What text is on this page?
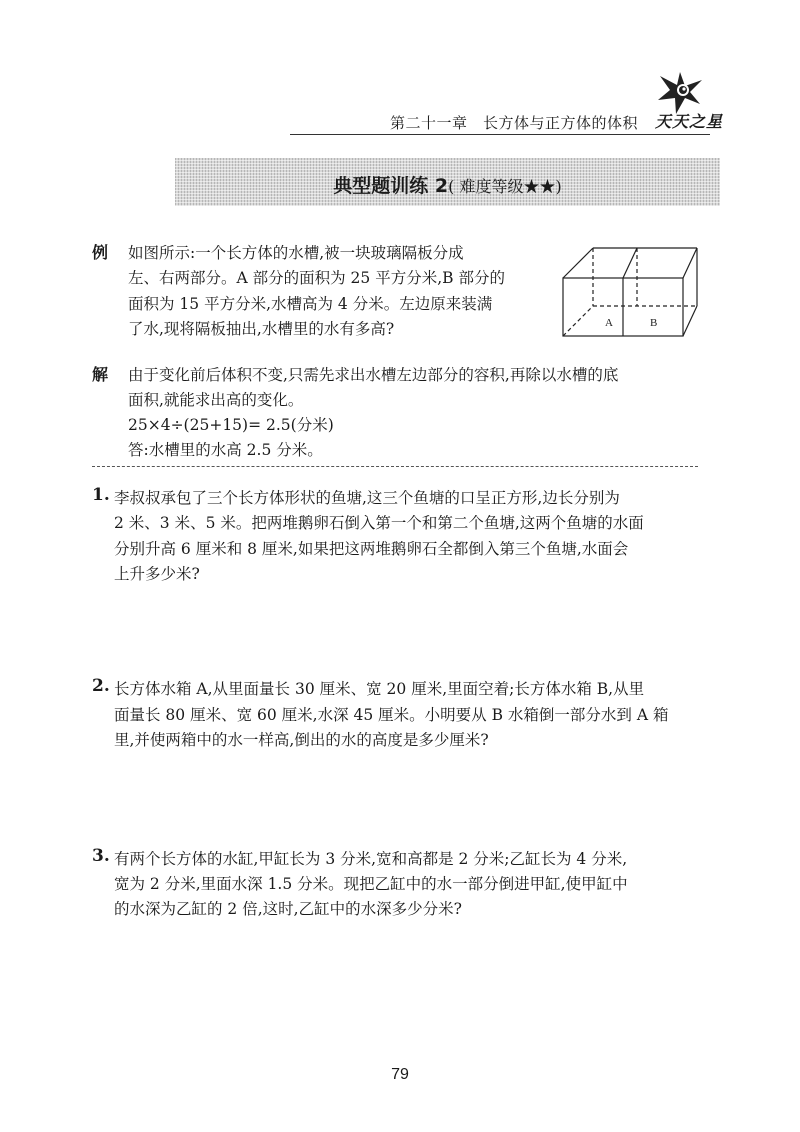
第二十一章　长方体与正方体的体积 天天之星
典型题训练 2( 难度等级★★)
例 如图所示:一个长方体的水槽,被一块玻璃隔板分成
左、右两部分。A 部分的面积为 25 平方分米,B 部分的
面积为 15 平方分米,水槽高为 4 分米。左边原来装满
了水,现将隔板抽出,水槽里的水有多高?	A	B
解 由于变化前后体积不变,只需先求出水槽左边部分的容积,再除以水槽的底
面积,就能求出高的变化。
25×4÷(25+15)= 2.5(分米)
答:水槽里的水高 2.5 分米。
1. 李叔叔承包了三个长方体形状的鱼塘,这三个鱼塘的口呈正方形,边长分别为
2 米、3 米、5 米。把两堆鹅卵石倒入第一个和第二个鱼塘,这两个鱼塘的水面
分别升高 6 厘米和 8 厘米,如果把这两堆鹅卵石全都倒入第三个鱼塘,水面会
上升多少米?
2. 长方体水箱 A,从里面量长 30 厘米、宽 20 厘米,里面空着;长方体水箱 B,从里
面量长 80 厘米、宽 60 厘米,水深 45 厘米。小明要从 B 水箱倒一部分水到 A 箱
里,并使两箱中的水一样高,倒出的水的高度是多少厘米?
3. 有两个长方体的水缸,甲缸长为 3 分米,宽和高都是 2 分米;乙缸长为 4 分米,
宽为 2 分米,里面水深 1.5 分米。现把乙缸中的水一部分倒进甲缸,使甲缸中
的水深为乙缸的 2 倍,这时,乙缸中的水深多少分米?
79
